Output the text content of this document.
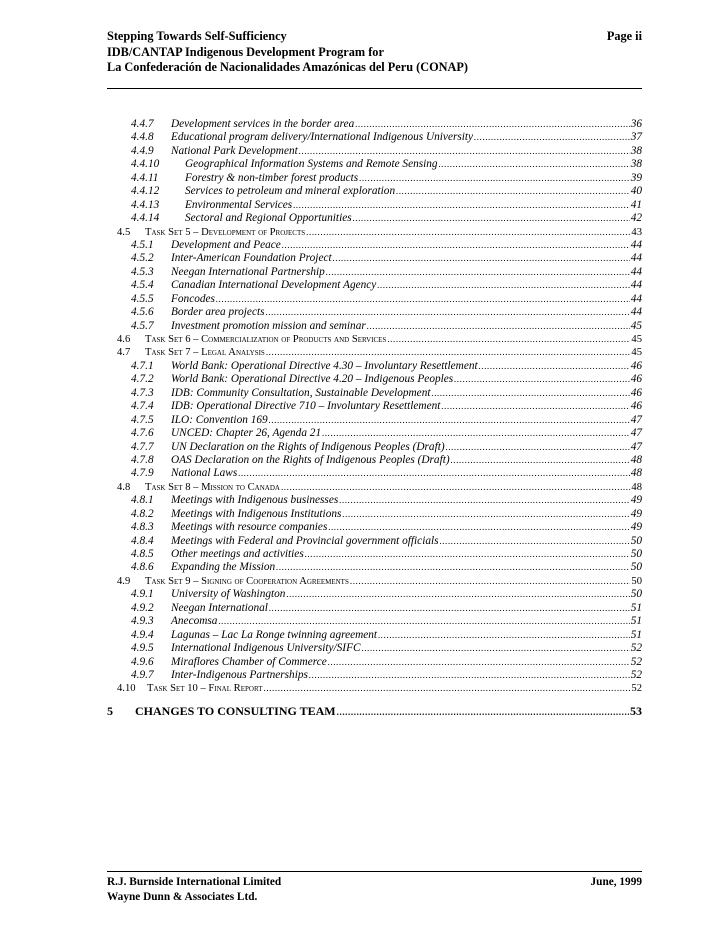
Stepping Towards Self-Sufficiency	Page ii
IDB/CANTAP Indigenous Development Program for
La Confederación de Nacionalidades Amazónicas del Peru (CONAP)
4.4.7	Development services in the border area .....	36
4.4.8	Educational program delivery/International Indigenous University .....	37
4.4.9	National Park Development .....	38
4.4.10	Geographical Information Systems and Remote Sensing .....	38
4.4.11	Forestry & non-timber forest products .....	39
4.4.12	Services to petroleum and mineral exploration .....	40
4.4.13	Environmental Services .....	41
4.4.14	Sectoral and Regional Opportunities .....	42
4.5	Task Set 5 – Development of Projects .....	43
4.5.1	Development and Peace .....	44
4.5.2	Inter-American Foundation Project .....	44
4.5.3	Neegan International Partnership .....	44
4.5.4	Canadian International Development Agency .....	44
4.5.5	Foncodes .....	44
4.5.6	Border area projects .....	44
4.5.7	Investment promotion mission and seminar .....	45
4.6	Task Set 6 – Commercialization of Products and Services .....	45
4.7	Task Set 7 – Legal Analysis .....	45
4.7.1	World Bank: Operational Directive 4.30 – Involuntary Resettlement .....	46
4.7.2	World Bank: Operational Directive 4.20 – Indigenous Peoples .....	46
4.7.3	IDB: Community Consultation, Sustainable Development .....	46
4.7.4	IDB: Operational Directive 710 – Involuntary Resettlement .....	46
4.7.5	ILO: Convention 169 .....	47
4.7.6	UNCED: Chapter 26, Agenda 21 .....	47
4.7.7	UN Declaration on the Rights of Indigenous Peoples (Draft) .....	47
4.7.8	OAS Declaration on the Rights of Indigenous Peoples (Draft) .....	48
4.7.9	National Laws .....	48
4.8	Task Set 8 – Mission to Canada .....	48
4.8.1	Meetings with Indigenous businesses .....	49
4.8.2	Meetings with Indigenous Institutions .....	49
4.8.3	Meetings with resource companies .....	49
4.8.4	Meetings with Federal and Provincial government officials .....	50
4.8.5	Other meetings and activities .....	50
4.8.6	Expanding the Mission .....	50
4.9	Task Set 9 – Signing of Cooperation Agreements .....	50
4.9.1	University of Washington .....	50
4.9.2	Neegan International .....	51
4.9.3	Anecomsa .....	51
4.9.4	Lagunas – Lac La Ronge twinning agreement .....	51
4.9.5	International Indigenous University/SIFC .....	52
4.9.6	Miraflores Chamber of Commerce .....	52
4.9.7	Inter-Indigenous Partnerships .....	52
4.10	Task Set 10 – Final Report .....	52
5	CHANGES TO CONSULTING TEAM .....	53
R.J. Burnside International Limited	June, 1999
Wayne Dunn & Associates Ltd.
